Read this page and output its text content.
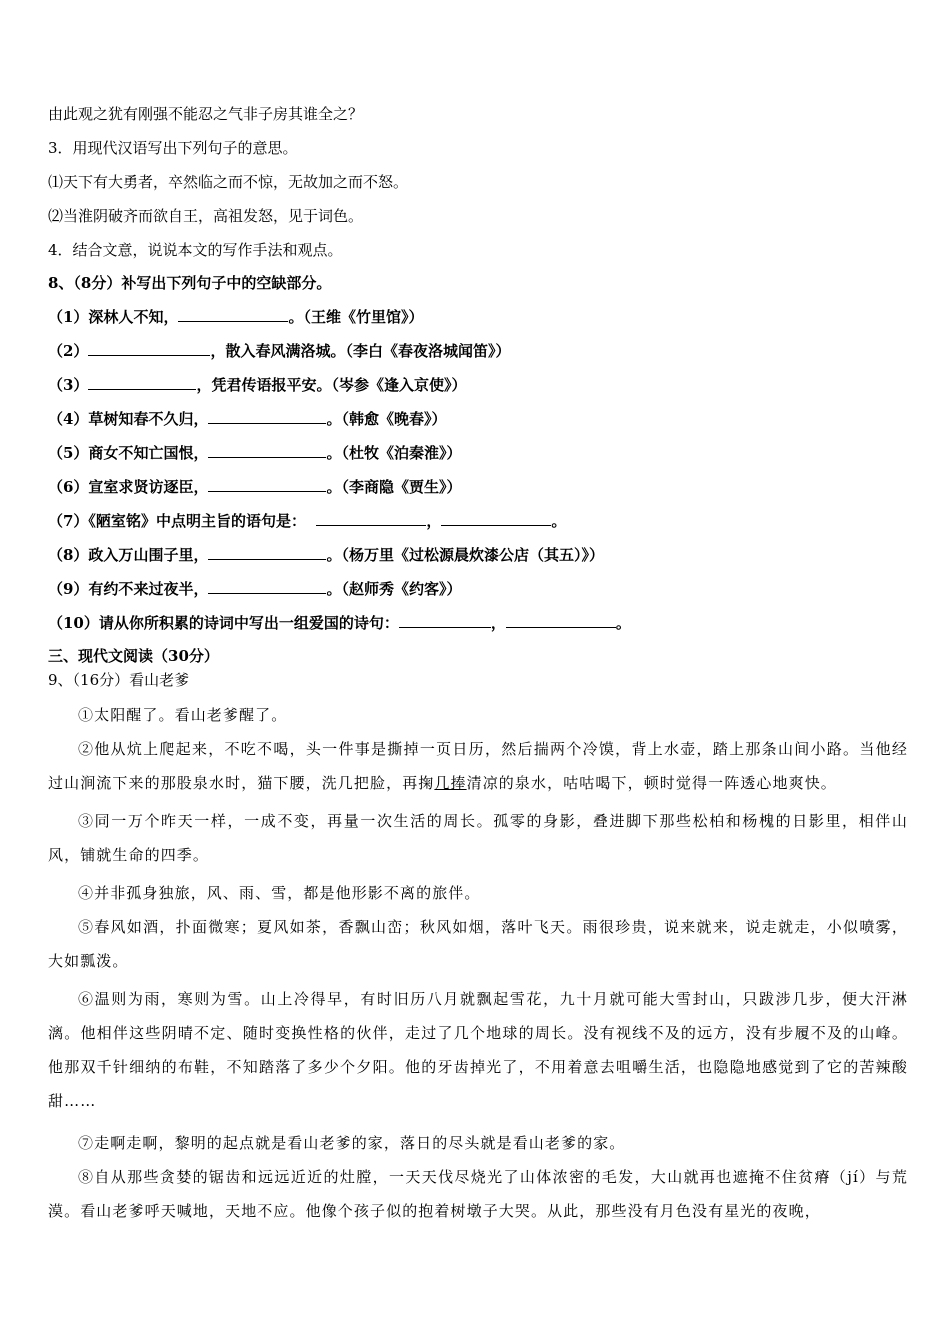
由此观之犹有刚强不能忍之气非子房其谁全之？
3．用现代汉语写出下列句子的意思。
⑴天下有大勇者，卒然临之而不惊，无故加之而不怒。
⑵当淮阴破齐而欲自王，高祖发怒，见于词色。
4．结合文意，说说本文的写作手法和观点。
8、（8分）补写出下列句子中的空缺部分。
（1）深林人不知，	。（王维《竹里馆》）
（2）	，散入春风满洛城。（李白《春夜洛城闻笛》）
（3）	，凭君传语报平安。（岑参《逢入京使》）
（4）草树知春不久归，	。（韩愈《晚春》）
（5）商女不知亡国恨，	。（杜牧《泊秦淮》）
（6）宣室求贤访逐臣，	。（李商隐《贾生》）
（7）《陋室铭》中点明主旨的语句是：	，	。
（8）政入万山围子里，	。（杨万里《过松源晨炊漆公店（其五）》）
（9）有约不来过夜半，	。（赵师秀《约客》）
（10）请从你所积累的诗词中写出一组爱国的诗句：	，	。
三、现代文阅读（30分）
9、（16分）看山老爹
①太阳醒了。看山老爹醒了。
②他从炕上爬起来，不吃不喝，头一件事是撕掉一页日历，然后揣两个冷馍，背上水壶，踏上那条山间小路。当他经过山涧流下来的那股泉水时，猫下腰，洗几把脸，再掬几捧清凉的泉水，咕咕喝下，顿时觉得一阵透心地爽快。
③同一万个昨天一样，一成不变，再量一次生活的周长。孤零的身影，叠进脚下那些松柏和杨槐的日影里，相伴山风，铺就生命的四季。
④并非孤身独旅，风、雨、雪，都是他形影不离的旅伴。
⑤春风如酒，扑面微寒；夏风如茶，香飘山峦；秋风如烟，落叶飞天。雨很珍贵，说来就来，说走就走，小似喷雾，大如瓢泼。
⑥温则为雨，寒则为雪。山上冷得早，有时旧历八月就飘起雪花，九十月就可能大雪封山，只跋涉几步，便大汗淋漓。他相伴这些阴晴不定、随时变换性格的伙伴，走过了几个地球的周长。没有视线不及的远方，没有步履不及的山峰。他那双千针细纳的布鞋，不知踏落了多少个夕阳。他的牙齿掉光了，不用着意去咀嚼生活，也隐隐地感觉到了它的苦辣酸甜……
⑦走啊走啊，黎明的起点就是看山老爹的家，落日的尽头就是看山老爹的家。
⑧自从那些贪婪的锯齿和远远近近的灶膛，一天天伐尽烧光了山体浓密的毛发，大山就再也遮掩不住贫瘠（jí）与荒漠。看山老爹呼天喊地，天地不应。他像个孩子似的抱着树墩子大哭。从此，那些没有月色没有星光的夜晚，
